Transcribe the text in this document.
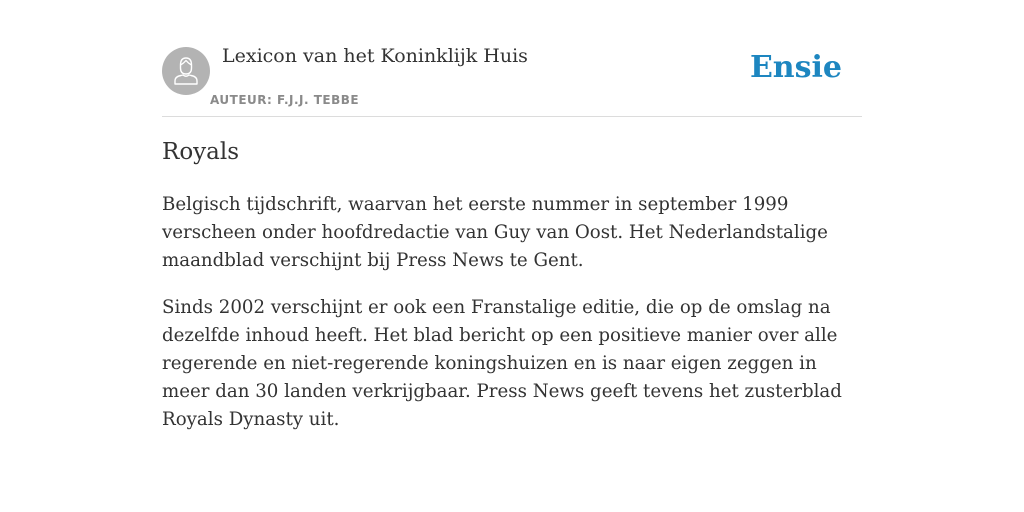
Lexicon van het Koninklijk Huis
AUTEUR: F.J.J. TEBBE
Ensie
Royals

Belgisch tijdschrift, waarvan het eerste nummer in september 1999 verscheen onder hoofdredactie van Guy van Oost. Het Nederlandstalige maandblad verschijnt bij Press News te Gent.

Sinds 2002 verschijnt er ook een Franstalige editie, die op de omslag na dezelfde inhoud heeft. Het blad bericht op een positieve manier over alle regerende en niet-regerende koningshuizen en is naar eigen zeggen in meer dan 30 landen verkrijgbaar. Press News geeft tevens het zusterblad Royals Dynasty uit.
